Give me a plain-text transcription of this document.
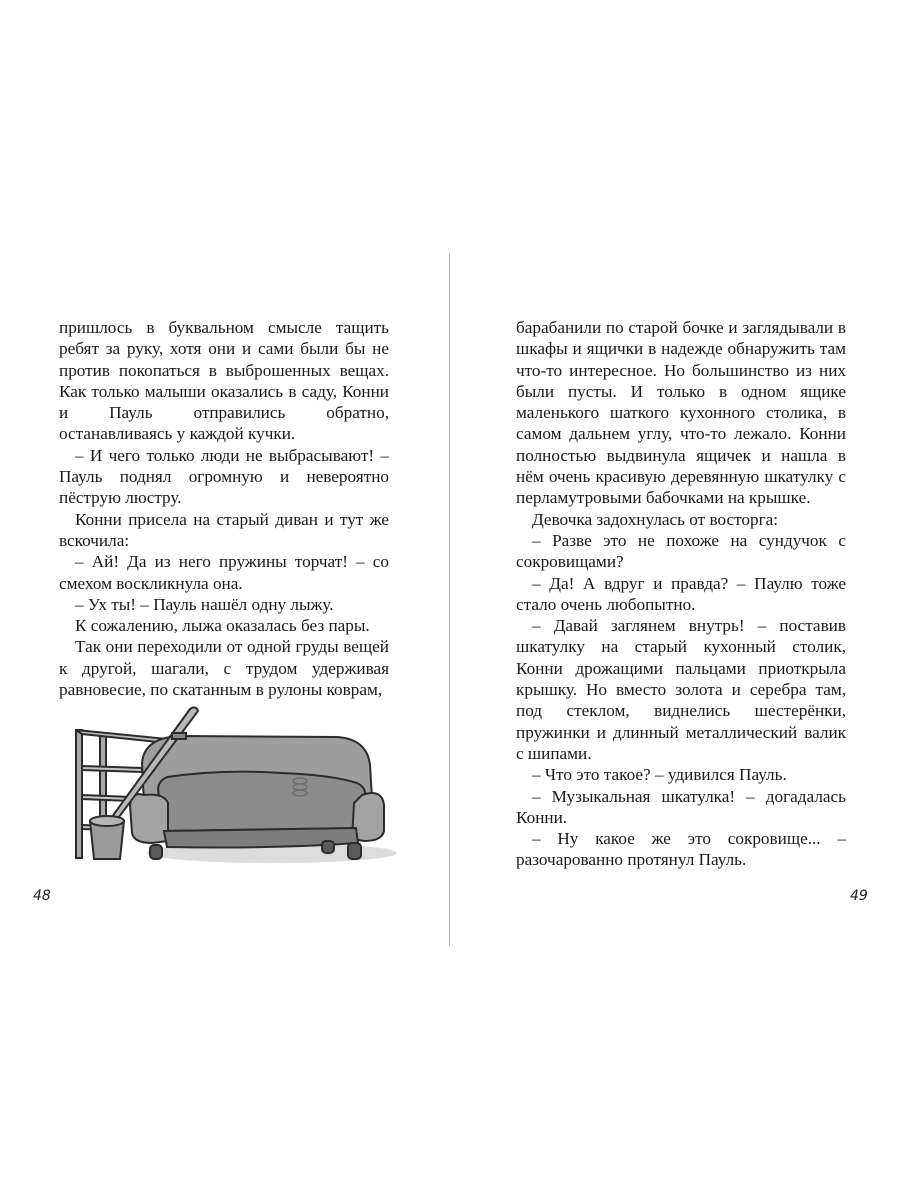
пришлось в буквальном смысле тащить ребят за руку, хотя они и сами были бы не против покопаться в выброшенных вещах. Как только малыши оказались в саду, Конни и Пауль отправились обратно, останавливаясь у каждой кучки.

– И чего только люди не выбрасывают! – Пауль поднял огромную и невероятно пёструю люстру.

Конни присела на старый диван и тут же вскочила:

– Ай! Да из него пружины торчат! – со смехом воскликнула она.

– Ух ты! – Пауль нашёл одну лыжу.

К сожалению, лыжа оказалась без пары.

Так они переходили от одной груды вещей к другой, шагали, с трудом удерживая равновесие, по скатанным в рулоны коврам,

48

барабанили по старой бочке и заглядывали в шкафы и ящички в надежде обнаружить там что-то интересное. Но большинство из них были пусты. И только в одном ящике маленького шаткого кухонного столика, в самом дальнем углу, что-то лежало. Конни полностью выдвинула ящичек и нашла в нём очень красивую деревянную шкатулку с перламутровыми бабочками на крышке.

Девочка задохнулась от восторга:

– Разве это не похоже на сундучок с сокровищами?

– Да! А вдруг и правда? – Паулю тоже стало очень любопытно.

– Давай заглянем внутрь! – поставив шкатулку на старый кухонный столик, Конни дрожащими пальцами приоткрыла крышку. Но вместо золота и серебра там, под стеклом, виднелись шестерёнки, пружинки и длинный металлический валик с шипами.

– Что это такое? – удивился Пауль.

– Музыкальная шкатулка! – догадалась Конни.

– Ну какое же это сокровище... – разочарованно протянул Пауль.

49
